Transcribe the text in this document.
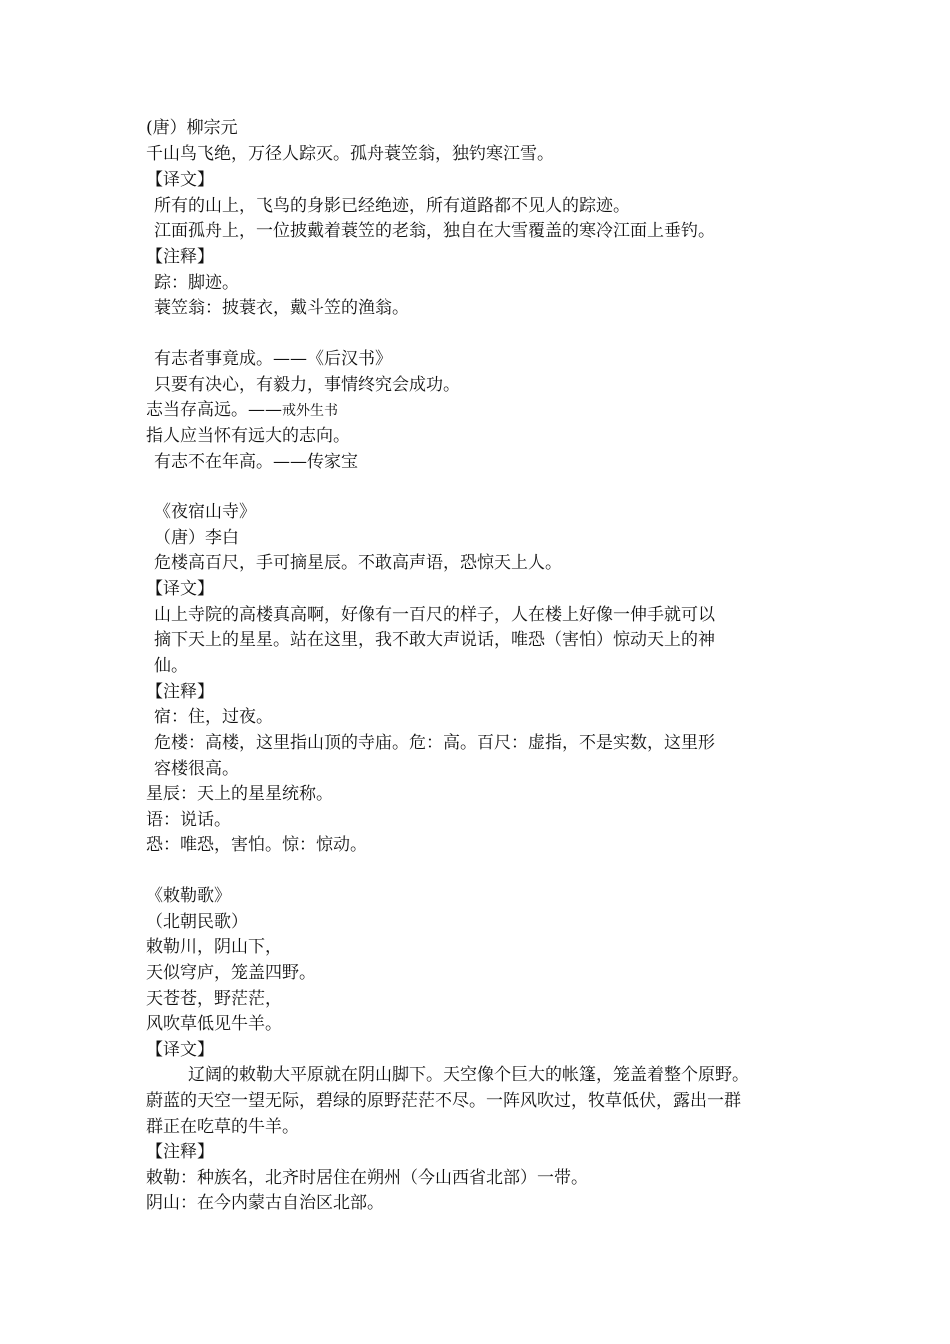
(唐）柳宗元
千山鸟飞绝，万径人踪灭。孤舟蓑笠翁，独钓寒江雪。
【译文】
所有的山上，飞鸟的身影已经绝迹，所有道路都不见人的踪迹。
江面孤舟上，一位披戴着蓑笠的老翁，独自在大雪覆盖的寒冷江面上垂钓。
【注释】
踪：脚迹。
蓑笠翁：披蓑衣，戴斗笠的渔翁。
有志者事竟成。——《后汉书》
只要有决心，有毅力，事情终究会成功。
志当存高远。——戒外生书
指人应当怀有远大的志向。
有志不在年高。——传家宝
《夜宿山寺》
（唐）李白
危楼高百尺，手可摘星辰。不敢高声语，恐惊天上人。
【译文】
山上寺院的高楼真高啊，好像有一百尺的样子，人在楼上好像一伸手就可以
摘下天上的星星。站在这里，我不敢大声说话，唯恐（害怕）惊动天上的神
仙。
【注释】
宿：住，过夜。
危楼：高楼，这里指山顶的寺庙。危：高。百尺：虚指，不是实数，这里形
容楼很高。
星辰：天上的星星统称。
语：说话。
恐：唯恐，害怕。惊：惊动。
《敕勒歌》
（北朝民歌）
敕勒川，阴山下，
天似穹庐，笼盖四野。
天苍苍，野茫茫，
风吹草低见牛羊。
【译文】
辽阔的敕勒大平原就在阴山脚下。天空像个巨大的帐篷，笼盖着整个原野。
蔚蓝的天空一望无际，碧绿的原野茫茫不尽。一阵风吹过，牧草低伏，露出一群
群正在吃草的牛羊。
【注释】
敕勒：种族名，北齐时居住在朔州（今山西省北部）一带。
阴山：在今内蒙古自治区北部。
